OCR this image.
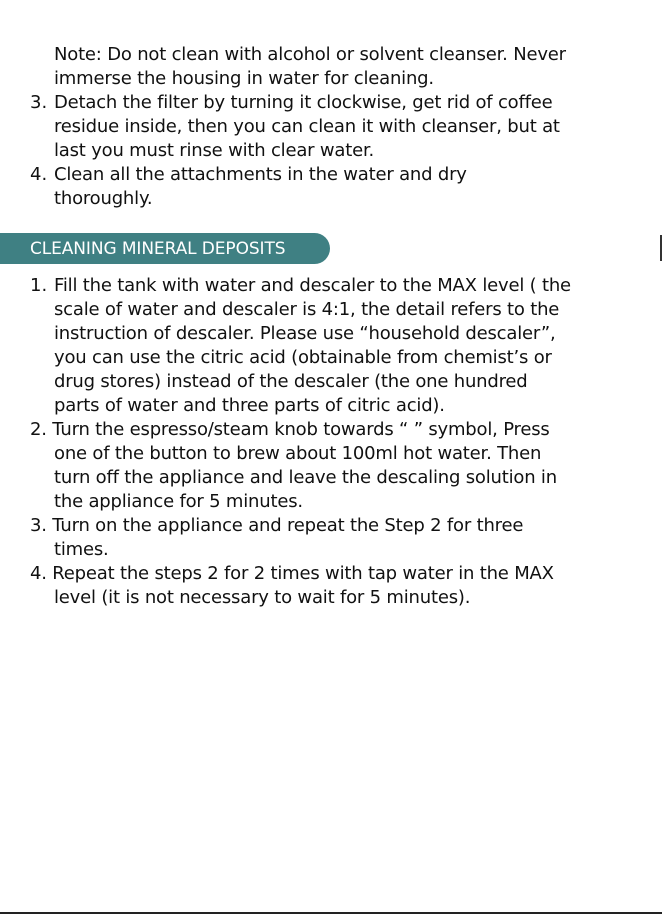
Note: Do not clean with alcohol or solvent cleanser. Never
immerse the housing in water for cleaning.
3. Detach the filter by turning it clockwise, get rid of coffee
residue inside, then you can clean it with cleanser, but at
last you must rinse with clear water.
4. Clean all the attachments in the water and dry
thoroughly.
CLEANING MINERAL DEPOSITS
1. Fill the tank with water and descaler to the MAX level ( the
scale of water and descaler is 4:1, the detail refers to the
instruction of descaler. Please use “household descaler”,
you can use the citric acid (obtainable from chemist’s or
drug stores) instead of the descaler (the one hundred
parts of water and three parts of citric acid).
2. Turn the espresso/steam knob towards “ ” symbol, Press
one of the button to brew about 100ml hot water. Then
turn off the appliance and leave the descaling solution in
the appliance for 5 minutes.
3. Turn on the appliance and repeat the Step 2 for three
times.
4. Repeat the steps 2 for 2 times with tap water in the MAX
level (it is not necessary to wait for 5 minutes).
